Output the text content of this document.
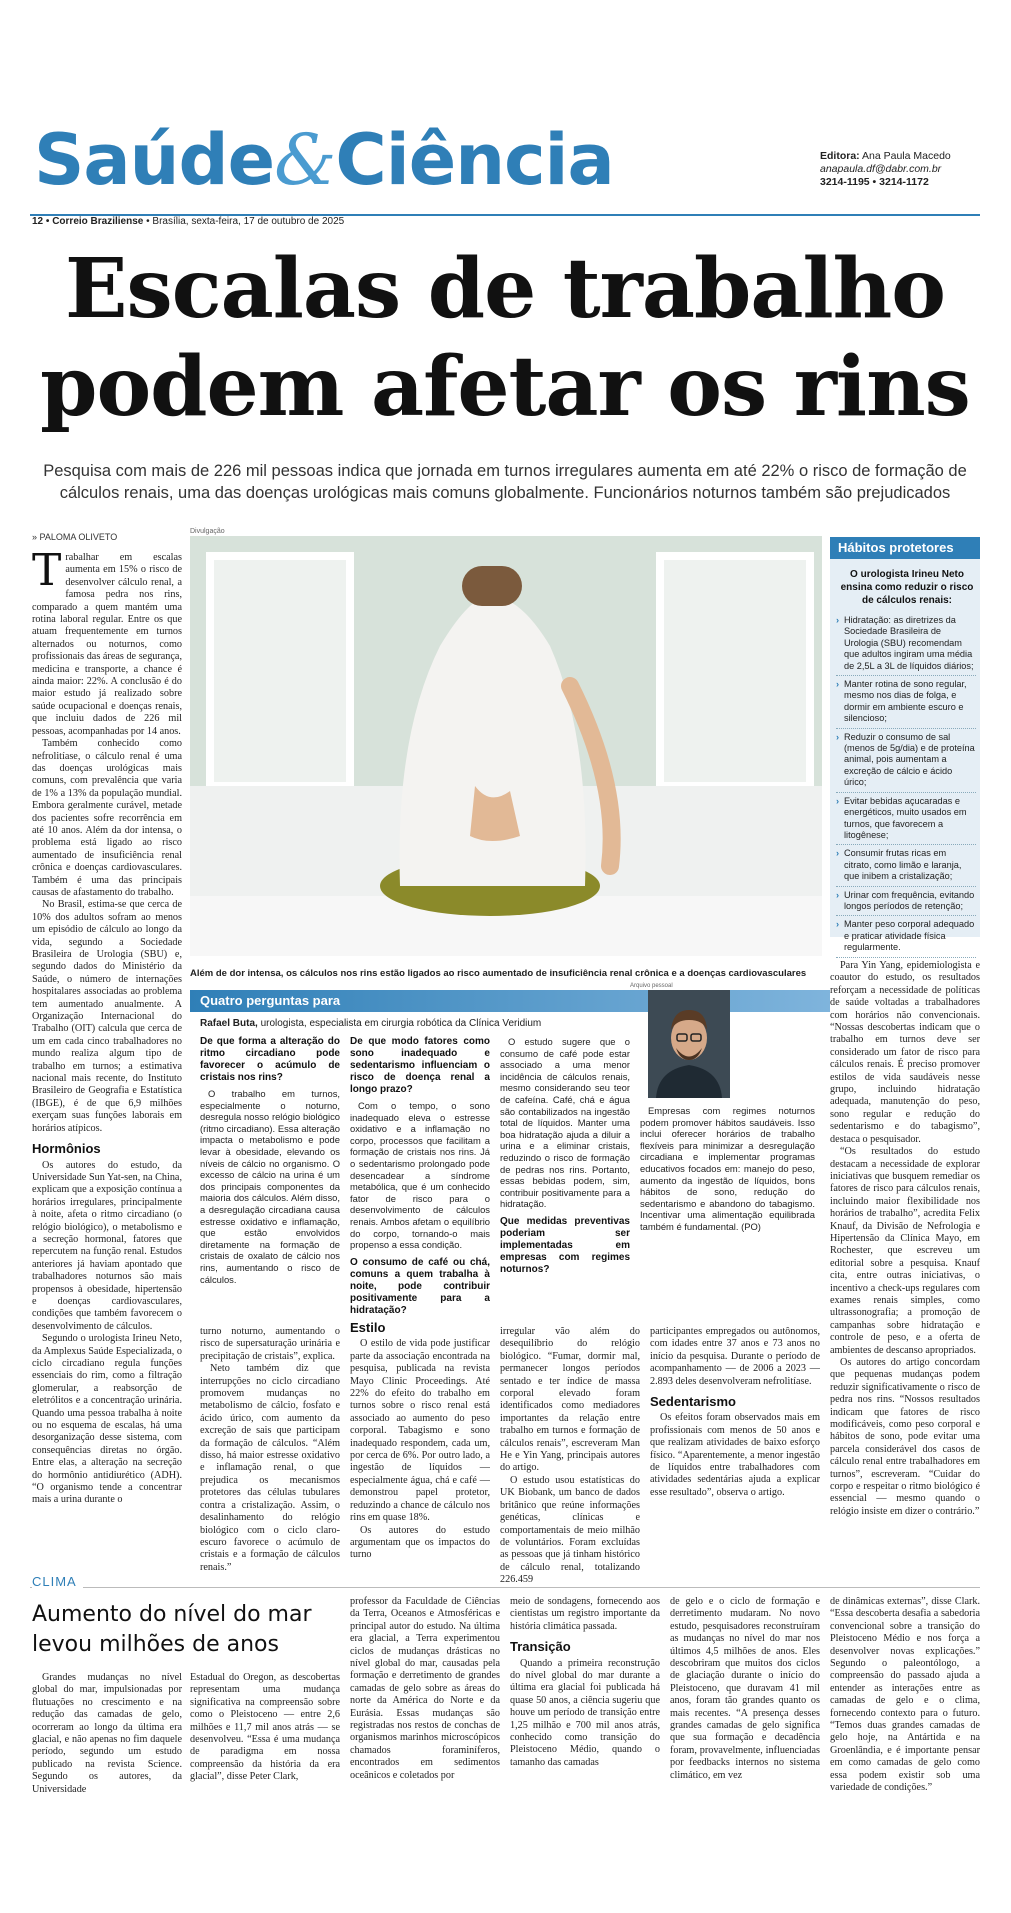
Saúde&Ciência	Editora: Ana Paula Macedo
anapaula.df@dabr.com.br
3214-1195 • 3214-1172
12 • Correio Braziliense • Brasília, sexta-feira, 17 de outubro de 2025
Escalas de trabalho
podem afetar os rins
Pesquisa com mais de 226 mil pessoas indica que jornada em turnos irregulares aumenta em até 22% o risco de formação de cálculos renais, uma das doenças urológicas mais comuns globalmente. Funcionários noturnos também são prejudicados
» PALOMA OLIVETO
Divulgação

Trabalhar em escalas aumenta em 15% o risco de desenvolver cálculo renal, a famosa pedra nos rins, comparado a quem mantém uma rotina laboral regular. Entre os que atuam frequentemente em turnos alternados ou noturnos, como profissionais das áreas de segurança, medicina e transporte, a chance é ainda maior: 22%. A conclusão é do maior estudo já realizado sobre saúde ocupacional e doenças renais, que incluiu dados de 226 mil pessoas, acompanhadas por 14 anos.

Também conhecido como nefrolitíase, o cálculo renal é uma das doenças urológicas mais comuns, com prevalência que varia de 1% a 13% da população mundial. Embora geralmente curável, metade dos pacientes sofre recorrência em até 10 anos. Além da dor intensa, o problema está ligado ao risco aumentado de insuficiência renal crônica e doenças cardiovasculares. Também é uma das principais causas de afastamento do trabalho.

No Brasil, estima-se que cerca de 10% dos adultos sofram ao menos um episódio de cálculo ao longo da vida, segundo a Sociedade Brasileira de Urologia (SBU) e, segundo dados do Ministério da Saúde, o número de internações hospitalares associadas ao problema tem aumentado anualmente. A Organização Internacional do Trabalho (OIT) calcula que cerca de um em cada cinco trabalhadores no mundo realiza algum tipo de trabalho em turnos; a estimativa nacional mais recente, do Instituto Brasileiro de Geografia e Estatística (IBGE), é de que 6,9 milhões exerçam suas funções laborais em horários atípicos.

Hormônios

Os autores do estudo, da Universidade Sun Yat-sen, na China, explicam que a exposição contínua a horários irregulares, principalmente à noite, afeta o ritmo circadiano (o relógio biológico), o metabolismo e a secreção hormonal, fatores que repercutem na função renal. Estudos anteriores já haviam apontado que trabalhadores noturnos são mais propensos à obesidade, hipertensão e doenças cardiovasculares, condições que também favorecem o desenvolvimento de cálculos.

Segundo o urologista Irineu Neto, da Amplexus Saúde Especializada, o ciclo circadiano regula funções essenciais do rim, como a filtração glomerular, a reabsorção de eletrólitos e a concentração urinária. Quando uma pessoa trabalha à noite ou no esquema de escalas, há uma desorganização desse sistema, com consequências diretas no órgão. Entre elas, a alteração na secreção do hormônio antidiurético (ADH). “O organismo tende a concentrar mais a urina durante o

Além de dor intensa, os cálculos nos rins estão ligados ao risco aumentado de insuficiência renal crônica e a doenças cardiovasculares
Hábitos protetores
O urologista Irineu Neto ensina como reduzir o risco de cálculos renais:
› Hidratação: as diretrizes da Sociedade Brasileira de Urologia (SBU) recomendam que adultos ingiram uma média de 2,5L a 3L de líquidos diários;
› Manter rotina de sono regular, mesmo nos dias de folga, e dormir em ambiente escuro e silencioso;
› Reduzir o consumo de sal (menos de 5g/dia) e de proteína animal, pois aumentam a excreção de cálcio e ácido úrico;
› Evitar bebidas açucaradas e energéticos, muito usados em turnos, que favorecem a litogênese;
› Consumir frutas ricas em citrato, como limão e laranja, que inibem a cristalização;
› Urinar com frequência, evitando longos períodos de retenção;
› Manter peso corporal adequado e praticar atividade física regularmente.
Quatro perguntas para
Arquivo pessoal
Rafael Buta, urologista, especialista em cirurgia robótica da Clínica Veridium
De que forma a alteração do ritmo circadiano pode favorecer o acúmulo de cristais nos rins?

O trabalho em turnos, especialmente o noturno, desregula nosso relógio biológico (ritmo circadiano). Essa alteração impacta o metabolismo e pode levar à obesidade, elevando os níveis de cálcio no organismo. O excesso de cálcio na urina é um dos principais componentes da maioria dos cálculos. Além disso, a desregulação circadiana causa estresse oxidativo e inflamação, que estão envolvidos diretamente na formação de cristais de oxalato de cálcio nos rins, aumentando o risco de cálculos.

De que modo fatores como sono inadequado e sedentarismo influenciam o risco de doença renal a longo prazo?

Com o tempo, o sono inadequado eleva o estresse oxidativo e a inflamação no corpo, processos que facilitam a formação de cristais nos rins. Já o sedentarismo prolongado pode desencadear a síndrome metabólica, que é um conhecido fator de risco para o desenvolvimento de cálculos renais. Ambos afetam o equilíbrio do corpo, tornando-o mais propenso a essa condição.

O consumo de café ou chá, comuns a quem trabalha à noite, pode contribuir positivamente para a hidratação?

O estudo sugere que o consumo de café pode estar associado a uma menor incidência de cálculos renais, mesmo considerando seu teor de cafeína. Café, chá e água são contabilizados na ingestão total de líquidos. Manter uma boa hidratação ajuda a diluir a urina e a eliminar cristais, reduzindo o risco de formação de pedras nos rins. Portanto, essas bebidas podem, sim, contribuir positivamente para a hidratação.

Que medidas preventivas poderiam ser implementadas em empresas com regimes noturnos?

Empresas com regimes noturnos podem promover hábitos saudáveis. Isso inclui oferecer horários de trabalho flexíveis para minimizar a desregulação circadiana e implementar programas educativos focados em: manejo do peso, aumento da ingestão de líquidos, bons hábitos de sono, redução do sedentarismo e abandono do tabagismo. Incentivar uma alimentação equilibrada também é fundamental. (PO)

turno noturno, aumentando o risco de supersaturação urinária e precipitação de cristais”, explica.

Neto também diz que interrupções no ciclo circadiano promovem mudanças no metabolismo de cálcio, fosfato e ácido úrico, com aumento da excreção de sais que participam da formação de cálculos. “Além disso, há maior estresse oxidativo e inflamação renal, o que prejudica os mecanismos protetores das células tubulares contra a cristalização. Assim, o desalinhamento do relógio biológico com o ciclo claro-escuro favorece o acúmulo de cristais e a formação de cálculos renais.”

Estilo

O estilo de vida pode justificar parte da associação encontrada na pesquisa, publicada na revista Mayo Clinic Proceedings. Até 22% do efeito do trabalho em turnos sobre o risco renal está associado ao aumento do peso corporal. Tabagismo e sono inadequado respondem, cada um, por cerca de 6%. Por outro lado, a ingestão de líquidos — especialmente água, chá e café — demonstrou papel protetor, reduzindo a chance de cálculo nos rins em quase 18%.

Os autores do estudo argumentam que os impactos do turno

irregular vão além do desequilíbrio do relógio biológico. “Fumar, dormir mal, permanecer longos períodos sentado e ter índice de massa corporal elevado foram identificados como mediadores importantes da relação entre trabalho em turnos e formação de cálculos renais”, escreveram Man He e Yin Yang, principais autores do artigo.

O estudo usou estatísticas do UK Biobank, um banco de dados britânico que reúne informações genéticas, clínicas e comportamentais de meio milhão de voluntários. Foram excluídas as pessoas que já tinham histórico de cálculo renal, totalizando 226.459

participantes empregados ou autônomos, com idades entre 37 anos e 73 anos no início da pesquisa. Durante o período de acompanhamento — de 2006 a 2023 — 2.893 deles desenvolveram nefrolitíase.

Sedentarismo

Os efeitos foram observados mais em profissionais com menos de 50 anos e que realizam atividades de baixo esforço físico. “Aparentemente, a menor ingestão de líquidos entre trabalhadores com atividades sedentárias ajuda a explicar esse resultado”, observa o artigo.

Para Yin Yang, epidemiologista e coautor do estudo, os resultados reforçam a necessidade de políticas de saúde voltadas a trabalhadores com horários não convencionais. “Nossas descobertas indicam que o trabalho em turnos deve ser considerado um fator de risco para cálculos renais. É preciso promover estilos de vida saudáveis nesse grupo, incluindo hidratação adequada, manutenção do peso, sono regular e redução do sedentarismo e do tabagismo”, destaca o pesquisador.

“Os resultados do estudo destacam a necessidade de explorar iniciativas que busquem remediar os fatores de risco para cálculos renais, incluindo maior flexibilidade nos horários de trabalho”, acredita Felix Knauf, da Divisão de Nefrologia e Hipertensão da Clínica Mayo, em Rochester, que escreveu um editorial sobre a pesquisa. Knauf cita, entre outras iniciativas, o incentivo a check-ups regulares com exames renais simples, como ultrassonografia; a promoção de campanhas sobre hidratação e controle de peso, e a oferta de ambientes de descanso apropriados.

Os autores do artigo concordam que pequenas mudanças podem reduzir significativamente o risco de pedra nos rins. “Nossos resultados indicam que fatores de risco modificáveis, como peso corporal e hábitos de sono, pode evitar uma parcela considerável dos casos de cálculo renal entre trabalhadores em turnos”, escreveram. “Cuidar do corpo e respeitar o ritmo biológico é essencial — mesmo quando o relógio insiste em dizer o contrário.”

CLIMA
Aumento do nível do mar levou milhões de anos

Grandes mudanças no nível global do mar, impulsionadas por flutuações no crescimento e na redução das camadas de gelo, ocorreram ao longo da última era glacial, e não apenas no fim daquele período, segundo um estudo publicado na revista Science. Segundo os autores, da Universidade

Estadual do Oregon, as descobertas representam uma mudança significativa na compreensão sobre como o Pleistoceno — entre 2,6 milhões e 11,7 mil anos atrás — se desenvolveu. “Essa é uma mudança de paradigma em nossa compreensão da história da era glacial”, disse Peter Clark,

professor da Faculdade de Ciências da Terra, Oceanos e Atmosféricas e principal autor do estudo. Na última era glacial, a Terra experimentou ciclos de mudanças drásticas no nível global do mar, causadas pela formação e derretimento de grandes camadas de gelo sobre as áreas do norte da América do Norte e da Eurásia. Essas mudanças são registradas nos restos de conchas de organismos marinhos microscópicos chamados foraminíferos, encontrados em sedimentos oceânicos e coletados por

meio de sondagens, fornecendo aos cientistas um registro importante da história climática passada.

Transição

Quando a primeira reconstrução do nível global do mar durante a última era glacial foi publicada há quase 50 anos, a ciência sugeriu que houve um período de transição entre 1,25 milhão e 700 mil anos atrás, conhecido como transição do Pleistoceno Médio, quando o tamanho das camadas

de gelo e o ciclo de formação e derretimento mudaram. No novo estudo, pesquisadores reconstruíram as mudanças no nível do mar nos últimos 4,5 milhões de anos. Eles descobriram que muitos dos ciclos de glaciação durante o início do Pleistoceno, que duravam 41 mil anos, foram tão grandes quanto os mais recentes. “A presença desses grandes camadas de gelo significa que sua formação e decadência foram, provavelmente, influenciadas por feedbacks internos no sistema climático, em vez

de dinâmicas externas”, disse Clark. “Essa descoberta desafia a sabedoria convencional sobre a transição do Pleistoceno Médio e nos força a desenvolver novas explicações.” Segundo o paleontólogo, a compreensão do passado ajuda a entender as interações entre as camadas de gelo e o clima, fornecendo contexto para o futuro. “Temos duas grandes camadas de gelo hoje, na Antártida e na Groenlândia, e é importante pensar em como camadas de gelo como essa podem existir sob uma variedade de condições.”
